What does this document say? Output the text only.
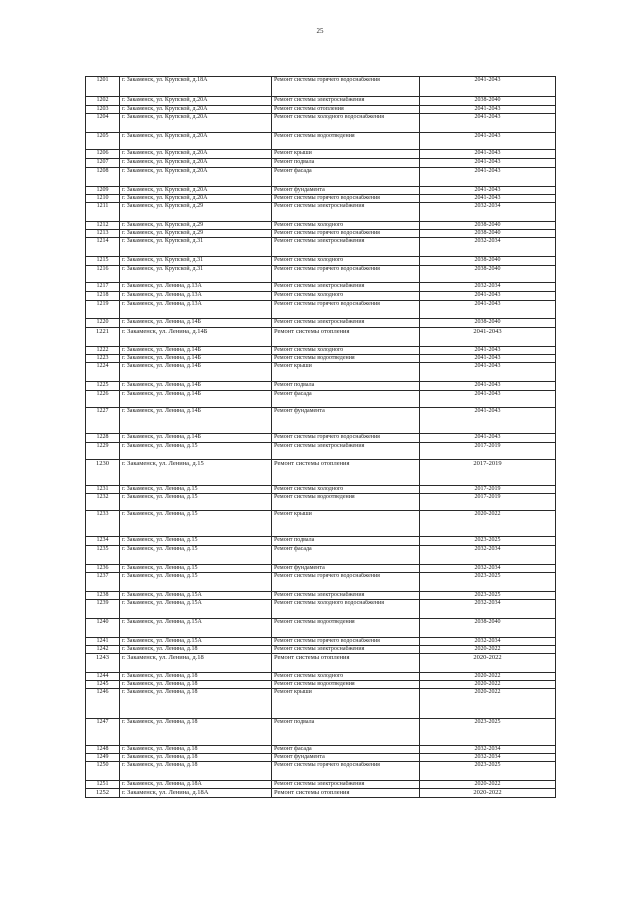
25
1201	г. Закаменск, ул. Крупской, д.18А	Ремонт системы горячего водоснабжения	2041-2043
1202	г. Закаменск, ул. Крупской, д.20А	Ремонт системы электроснабжения	2038-2040
1203	г. Закаменск, ул. Крупской, д.20А	Ремонт системы отопления	2041-2043
1204	г. Закаменск, ул. Крупской, д.20А	Ремонт системы холодного водоснабжения	2041-2043
1205	г. Закаменск, ул. Крупской, д.20А	Ремонт системы водоотведения	2041-2043
1206	г. Закаменск, ул. Крупской, д.20А	Ремонт крыши	2041-2043
1207	г. Закаменск, ул. Крупской, д.20А	Ремонт подвала	2041-2043
1208	г. Закаменск, ул. Крупской, д.20А	Ремонт фасада	2041-2043
1209	г. Закаменск, ул. Крупской, д.20А	Ремонт фундамента	2041-2043
1210	г. Закаменск, ул. Крупской, д.20А	Ремонт системы горячего водоснабжения	2041-2043
1211	г. Закаменск, ул. Крупской, д.29	Ремонт системы электроснабжения	2032-2034
1212	г. Закаменск, ул. Крупской, д.29	Ремонт системы холодного	2038-2040
1213	г. Закаменск, ул. Крупской, д.29	Ремонт системы горячего водоснабжения	2038-2040
1214	г. Закаменск, ул. Крупской, д.31	Ремонт системы электроснабжения	2032-2034
1215	г. Закаменск, ул. Крупской, д.31	Ремонт системы холодного	2038-2040
1216	г. Закаменск, ул. Крупской, д.31	Ремонт системы горячего водоснабжения	2038-2040
1217	г. Закаменск, ул. Ленина, д.13А	Ремонт системы электроснабжения	2032-2034
1218	г. Закаменск, ул. Ленина, д.13А	Ремонт системы холодного	2041-2043
1219	г. Закаменск, ул. Ленина, д.13А	Ремонт системы горячего водоснабжения	2041-2043
1220	г. Закаменск, ул. Ленина, д.14Б	Ремонт системы электроснабжения	2038-2040
1221	г. Закаменск, ул. Ленина, д.14Б	Ремонт системы отопления	2041-2043
1222	г. Закаменск, ул. Ленина, д.14Б	Ремонт системы холодного	2041-2043
1223	г. Закаменск, ул. Ленина, д.14Б	Ремонт системы водоотведения	2041-2043
1224	г. Закаменск, ул. Ленина, д.14Б	Ремонт крыши	2041-2043
1225	г. Закаменск, ул. Ленина, д.14Б	Ремонт подвала	2041-2043
1226	г. Закаменск, ул. Ленина, д.14Б	Ремонт фасада	2041-2043
1227	г. Закаменск, ул. Ленина, д.14Б	Ремонт фундамента	2041-2043
1228	г. Закаменск, ул. Ленина, д.14Б	Ремонт системы горячего водоснабжения	2041-2043
1229	г. Закаменск, ул. Ленина, д.15	Ремонт системы электроснабжения	2017-2019
1230	г. Закаменск, ул. Ленина, д.15	Ремонт системы отопления	2017-2019
1231	г. Закаменск, ул. Ленина, д.15	Ремонт системы холодного	2017-2019
1232	г. Закаменск, ул. Ленина, д.15	Ремонт системы водоотведения	2017-2019
1233	г. Закаменск, ул. Ленина, д.15	Ремонт крыши	2020-2022
1234	г. Закаменск, ул. Ленина, д.15	Ремонт подвала	2023-2025
1235	г. Закаменск, ул. Ленина, д.15	Ремонт фасада	2032-2034
1236	г. Закаменск, ул. Ленина, д.15	Ремонт фундамента	2032-2034
1237	г. Закаменск, ул. Ленина, д.15	Ремонт системы горячего водоснабжения	2023-2025
1238	г. Закаменск, ул. Ленина, д.15А	Ремонт системы электроснабжения	2023-2025
1239	г. Закаменск, ул. Ленина, д.15А	Ремонт системы холодного водоснабжения	2032-2034
1240	г. Закаменск, ул. Ленина, д.15А	Ремонт системы водоотведения	2038-2040
1241	г. Закаменск, ул. Ленина, д.15А	Ремонт системы горячего водоснабжения	2032-2034
1242	г. Закаменск, ул. Ленина, д.18	Ремонт системы электроснабжения	2020-2022
1243	г. Закаменск, ул. Ленина, д.18	Ремонт системы отопления	2020-2022
1244	г. Закаменск, ул. Ленина, д.18	Ремонт системы холодного	2020-2022
1245	г. Закаменск, ул. Ленина, д.18	Ремонт системы водоотведения	2020-2022
1246	г. Закаменск, ул. Ленина, д.18	Ремонт крыши	2020-2022
1247	г. Закаменск, ул. Ленина, д.18	Ремонт подвала	2023-2025
1248	г. Закаменск, ул. Ленина, д.18	Ремонт фасада	2032-2034
1249	г. Закаменск, ул. Ленина, д.18	Ремонт фундамента	2032-2034
1250	г. Закаменск, ул. Ленина, д.18	Ремонт системы горячего водоснабжения	2023-2025
1251	г. Закаменск, ул. Ленина, д.18А	Ремонт системы электроснабжения	2020-2022
1252	г. Закаменск, ул. Ленина, д.18А	Ремонт системы отопления	2020-2022
